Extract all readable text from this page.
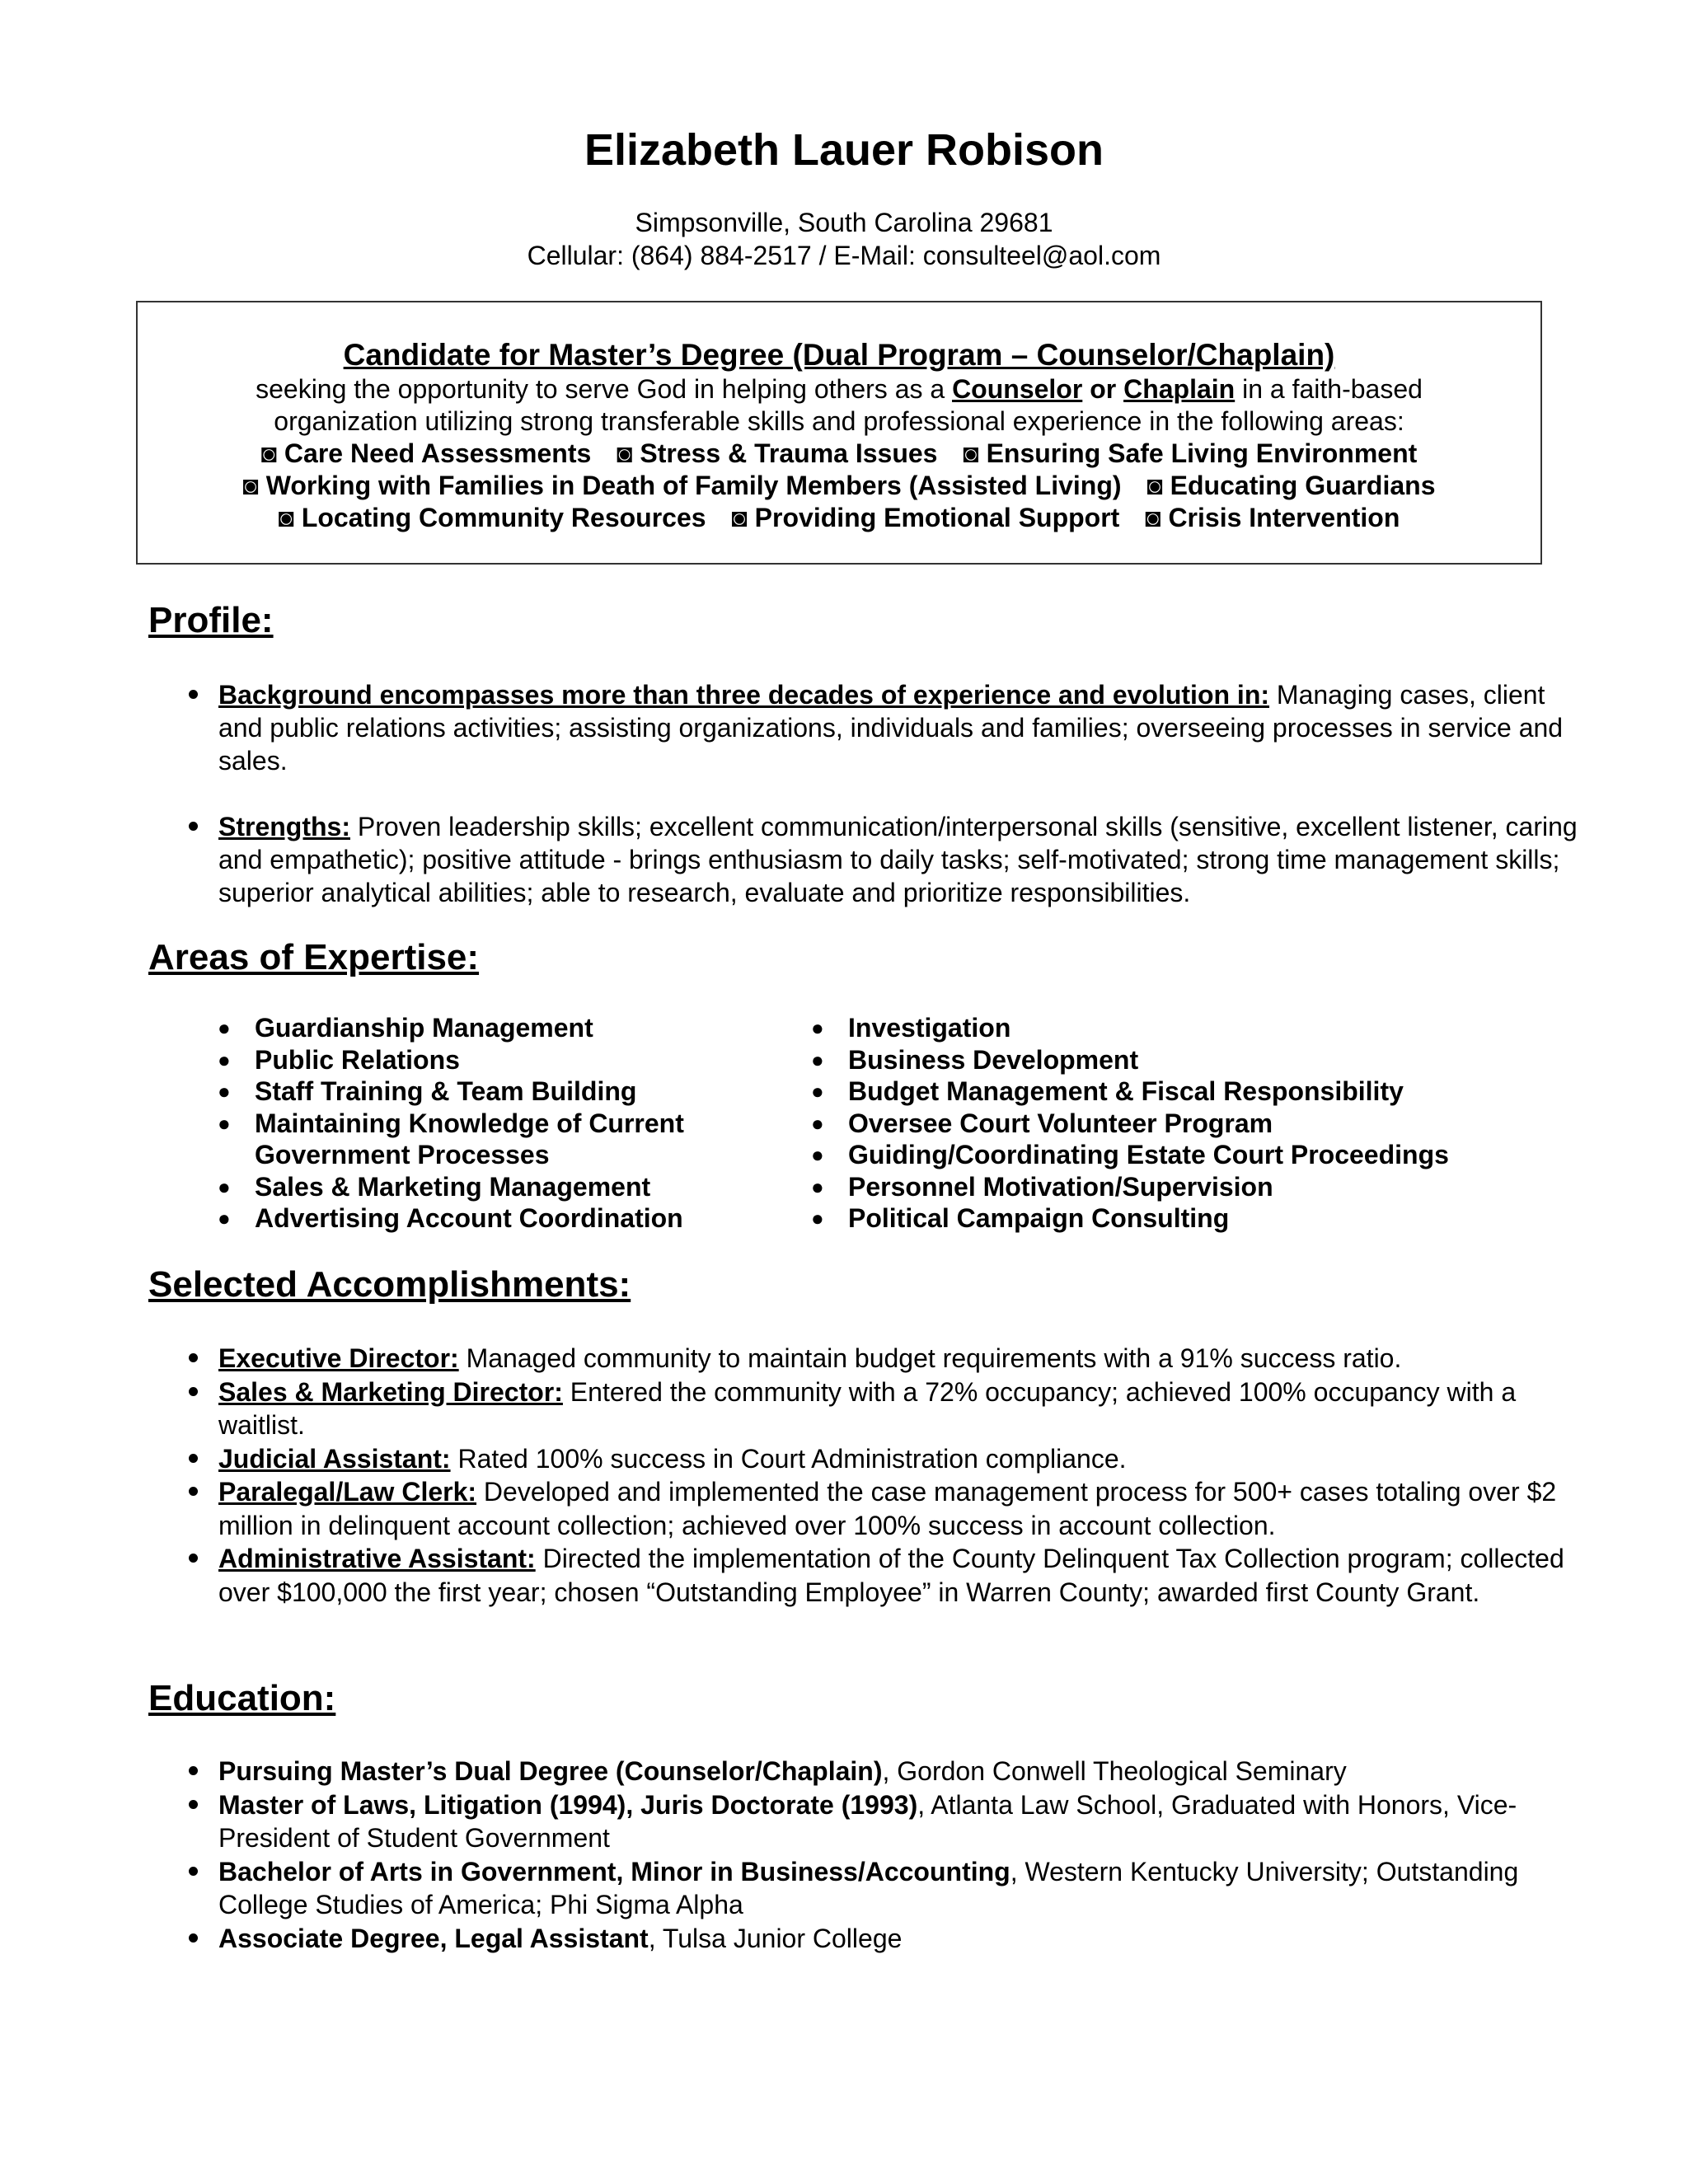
Elizabeth Lauer Robison
Simpsonville, South Carolina 29681
Cellular: (864) 884-2517 / E-Mail: consulteel@aol.com
Candidate for Master’s Degree (Dual Program – Counselor/Chaplain)
seeking the opportunity to serve God in helping others as a Counselor or Chaplain in a faith-based
organization utilizing strong transferable skills and professional experience in the following areas:
◙ Care Need Assessments ◙ Stress & Trauma Issues ◙ Ensuring Safe Living Environment
◙ Working with Families in Death of Family Members (Assisted Living) ◙ Educating Guardians
◙ Locating Community Resources ◙ Providing Emotional Support ◙ Crisis Intervention
Profile:
Background encompasses more than three decades of experience and evolution in: Managing cases, client and public relations activities; assisting organizations, individuals and families; overseeing processes in service and sales.
Strengths: Proven leadership skills; excellent communication/interpersonal skills (sensitive, excellent listener, caring and empathetic); positive attitude - brings enthusiasm to daily tasks; self-motivated; strong time management skills; superior analytical abilities; able to research, evaluate and prioritize responsibilities.
Areas of Expertise:
● Guardianship Management
● Public Relations
● Staff Training & Team Building
● Maintaining Knowledge of Current Government Processes
● Sales & Marketing Management
● Advertising Account Coordination
● Investigation
● Business Development
● Budget Management & Fiscal Responsibility
● Oversee Court Volunteer Program
● Guiding/Coordinating Estate Court Proceedings
● Personnel Motivation/Supervision
● Political Campaign Consulting
Selected Accomplishments:
Executive Director: Managed community to maintain budget requirements with a 91% success ratio.
Sales & Marketing Director: Entered the community with a 72% occupancy; achieved 100% occupancy with a waitlist.
Judicial Assistant: Rated 100% success in Court Administration compliance.
Paralegal/Law Clerk: Developed and implemented the case management process for 500+ cases totaling over $2 million in delinquent account collection; achieved over 100% success in account collection.
Administrative Assistant: Directed the implementation of the County Delinquent Tax Collection program; collected over $100,000 the first year; chosen “Outstanding Employee” in Warren County; awarded first County Grant.
Education:
Pursuing Master’s Dual Degree (Counselor/Chaplain), Gordon Conwell Theological Seminary
Master of Laws, Litigation (1994), Juris Doctorate (1993), Atlanta Law School, Graduated with Honors, Vice-President of Student Government
Bachelor of Arts in Government, Minor in Business/Accounting, Western Kentucky University; Outstanding College Studies of America; Phi Sigma Alpha
Associate Degree, Legal Assistant, Tulsa Junior College
